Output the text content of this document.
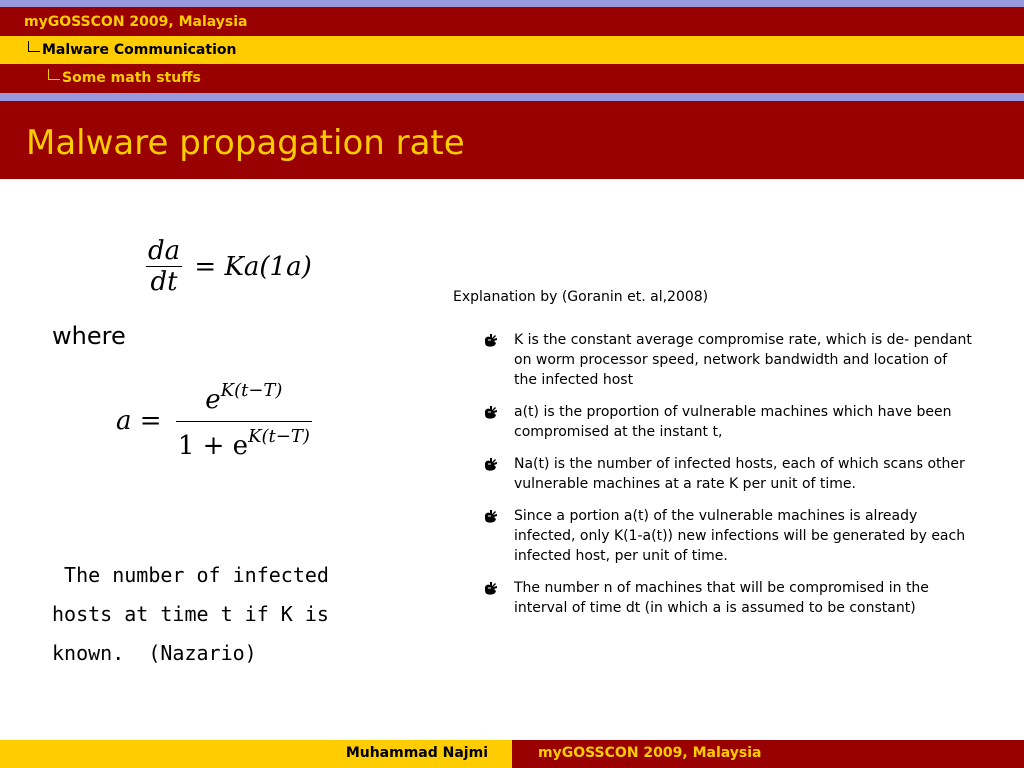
myGOSSCON 2009, Malaysia
Malware Communication
Some math stuffs
Malware propagation rate
$\frac{da}{dt} = Ka(1a)$
where
$a = \frac{e^{K(t-T)}}{1 + e^{K(t-T)}}$
The number of infected
hosts at time t if K is
known.  (Nazario)
Explanation by (Goranin et. al,2008)
K is the constant average compromise rate, which is de- pendant on worm processor speed, network bandwidth and location of the infected host
a(t) is the proportion of vulnerable machines which have been compromised at the instant t,
Na(t) is the number of infected hosts, each of which scans other vulnerable machines at a rate K per unit of time.
Since a portion a(t) of the vulnerable machines is already infected, only K(1-a(t)) new infections will be generated by each infected host, per unit of time.
The number n of machines that will be compromised in the interval of time dt (in which a is assumed to be constant)
Muhammad Najmi	myGOSSCON 2009, Malaysia
